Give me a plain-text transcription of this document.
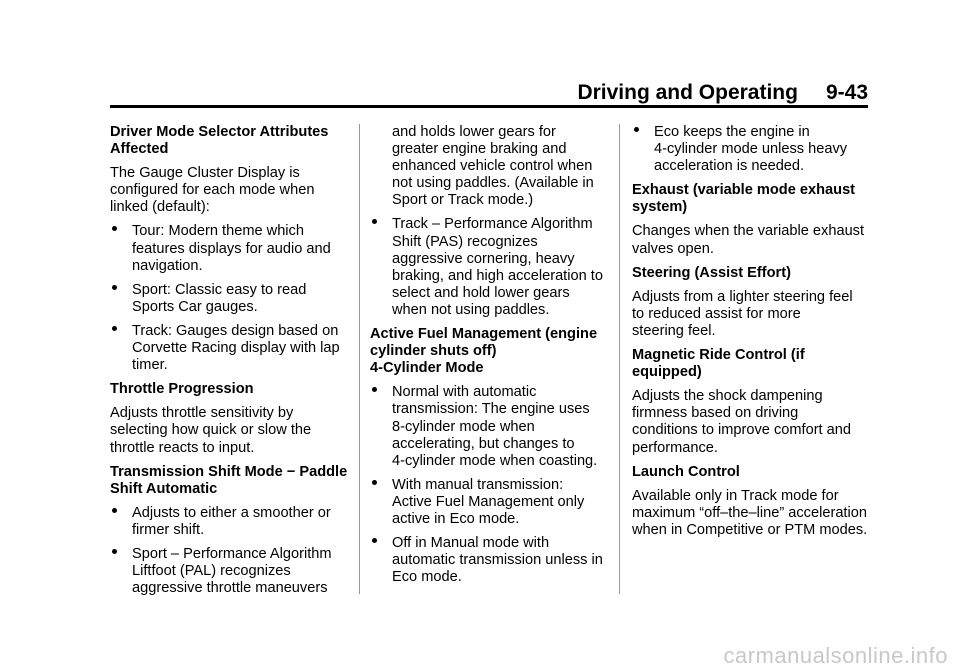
Driving and Operating 9-43
Driver Mode Selector Attributes
Affected
The Gauge Cluster Display is
configured for each mode when
linked (default):
Tour: Modern theme which
features displays for audio and
navigation.
Sport: Classic easy to read
Sports Car gauges.
Track: Gauges design based on
Corvette Racing display with lap
timer.
Throttle Progression
Adjusts throttle sensitivity by
selecting how quick or slow the
throttle reacts to input.
Transmission Shift Mode − Paddle
Shift Automatic
Adjusts to either a smoother or
firmer shift.
Sport – Performance Algorithm
Liftfoot (PAL) recognizes
aggressive throttle maneuvers
and holds lower gears for
greater engine braking and
enhanced vehicle control when
not using paddles. (Available in
Sport or Track mode.)
Track – Performance Algorithm
Shift (PAS) recognizes
aggressive cornering, heavy
braking, and high acceleration to
select and hold lower gears
when not using paddles.
Active Fuel Management (engine
cylinder shuts off)
4-Cylinder Mode
Normal with automatic
transmission: The engine uses
8-cylinder mode when
accelerating, but changes to
4-cylinder mode when coasting.
With manual transmission:
Active Fuel Management only
active in Eco mode.
Off in Manual mode with
automatic transmission unless in
Eco mode.
Eco keeps the engine in
4-cylinder mode unless heavy
acceleration is needed.
Exhaust (variable mode exhaust
system)
Changes when the variable exhaust
valves open.
Steering (Assist Effort)
Adjusts from a lighter steering feel
to reduced assist for more
steering feel.
Magnetic Ride Control (if
equipped)
Adjusts the shock dampening
firmness based on driving
conditions to improve comfort and
performance.
Launch Control
Available only in Track mode for
maximum “off–the–line” acceleration
when in Competitive or PTM modes.
carmanualsonline.info
